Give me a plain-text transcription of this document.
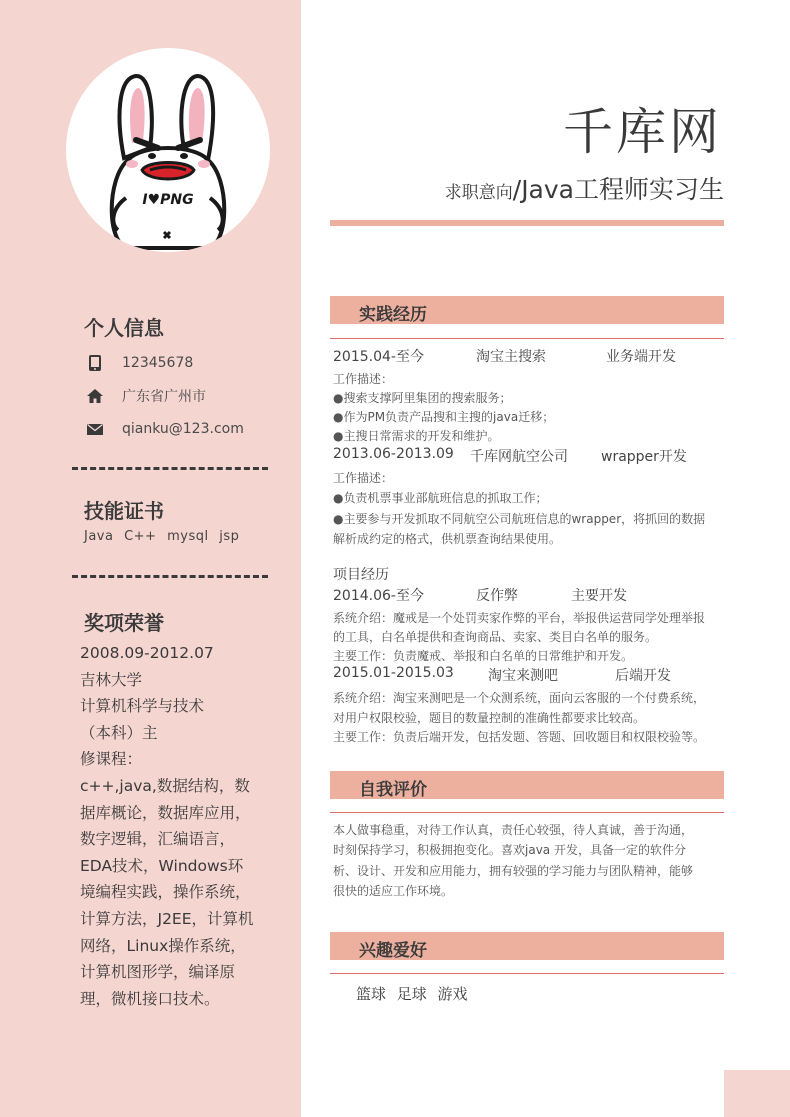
I♥PNG
个人信息
12345678
广东省广州市
qianku@123.com
技能证书
Java C++ mysql jsp
奖项荣誉
2008.09-2012.07
吉林大学
计算机科学与技术
（本科）主
修课程：
c++,java,数据结构，数
据库概论，数据库应用，
数字逻辑，汇编语言，
EDA技术，Windows环
境编程实践，操作系统，
计算方法，J2EE，计算机
网络，Linux操作系统，
计算机图形学，编译原
理，微机接口技术。
千库网
求职意向/Java工程师实习生
实践经历
2015.04-至今	淘宝主搜索	业务端开发
工作描述：
●搜索支撑阿里集团的搜索服务；
●作为PM负责产品搜和主搜的java迁移；
●主搜日常需求的开发和维护。
2013.06-2013.09 千库网航空公司 wrapper开发
工作描述：
●负责机票事业部航班信息的抓取工作；
●主要参与开发抓取不同航空公司航班信息的wrapper，将抓回的数据
解析成约定的格式，供机票查询结果使用。
项目经历
2014.06-至今	反作弊	主要开发
系统介绍：魔戒是一个处罚卖家作弊的平台，举报供运营同学处理举报
的工具，白名单提供和查询商品、卖家、类目白名单的服务。
主要工作：负责魔戒、举报和白名单的日常维护和开发。
2015.01-2015.03 淘宝来测吧	后端开发
系统介绍：淘宝来测吧是一个众测系统，面向云客服的一个付费系统，
对用户权限校验，题目的数量控制的准确性都要求比较高。
主要工作：负责后端开发，包括发题、答题、回收题目和权限校验等。
自我评价
本人做事稳重，对待工作认真，责任心较强，待人真诚，善于沟通，
时刻保持学习，积极拥抱变化。喜欢java 开发，具备一定的软件分
析、设计、开发和应用能力，拥有较强的学习能力与团队精神，能够
很快的适应工作环境。
兴趣爱好
篮球 足球 游戏
